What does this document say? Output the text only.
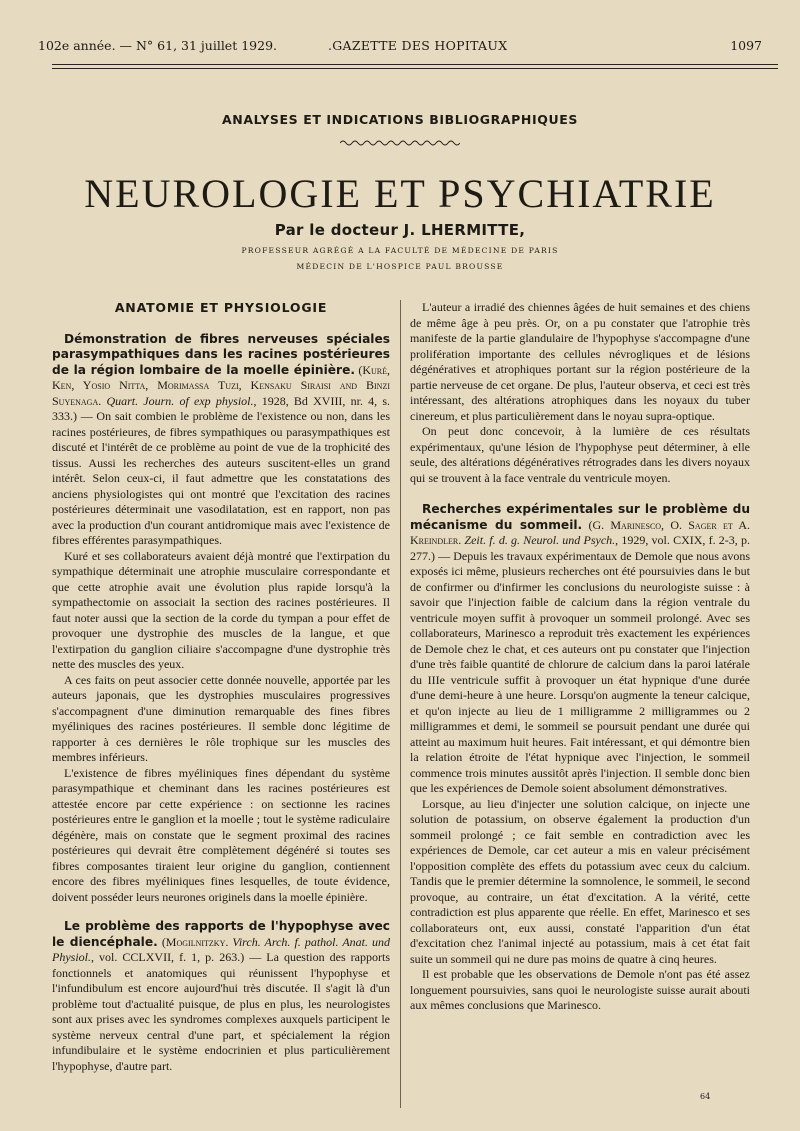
102e année. — N° 61, 31 juillet 1929.	.GAZETTE DES HOPITAUX	1097
ANALYSES ET INDICATIONS BIBLIOGRAPHIQUES
NEUROLOGIE ET PSYCHIATRIE
Par le docteur J. LHERMITTE,
PROFESSEUR AGRÉGÉ A LA FACULTÉ DE MÉDECINE DE PARIS
MÉDECIN DE L'HOSPICE PAUL BROUSSE
ANATOMIE ET PHYSIOLOGIE

Démonstration de fibres nerveuses spéciales parasympathiques dans les racines postérieures de la région lombaire de la moelle épinière. (Kuré, Ken, Yosio Nitta, Morimassa Tuzi, Kensaku Siraisi and Binzi Suyenaga. Quart. Journ. of exp physiol., 1928, Bd XVIII, nr. 4, s. 333.) — On sait combien le problème de l'existence ou non, dans les racines postérieures, de fibres sympathiques ou parasympathiques est discuté et l'intérêt de ce problème au point de vue de la trophicité des tissus. Aussi les recherches des auteurs suscitent-elles un grand intérêt. Selon ceux-ci, il faut admettre que les constatations des anciens physiologistes qui ont montré que l'excitation des racines postérieures déterminait une vasodilatation, est en rapport, non pas avec la production d'un courant antidromique mais avec l'existence de fibres efférentes parasympathiques.

Kuré et ses collaborateurs avaient déjà montré que l'extirpation du sympathique déterminait une atrophie musculaire correspondante et que cette atrophie avait une évolution plus rapide lorsqu'à la sympathectomie on associait la section des racines postérieures. Il faut noter aussi que la section de la corde du tympan a pour effet de provoquer une dystrophie des muscles de la langue, et que l'extirpation du ganglion ciliaire s'accompagne d'une dystrophie très nette des muscles des yeux.

A ces faits on peut associer cette donnée nouvelle, apportée par les auteurs japonais, que les dystrophies musculaires progressives s'accompagnent d'une diminution remarquable des fines fibres myéliniques des racines postérieures. Il semble donc légitime de rapporter à ces dernières le rôle trophique sur les muscles des membres inférieurs.

L'existence de fibres myéliniques fines dépendant du système parasympathique et cheminant dans les racines postérieures est attestée encore par cette expérience : on sectionne les racines postérieures entre le ganglion et la moelle ; tout le système radiculaire dégénère, mais on constate que le segment proximal des racines postérieures qui devrait être complètement dégénéré si toutes ses fibres composantes tiraient leur origine du ganglion, contiennent encore des fibres myéliniques fines lesquelles, de toute évidence, doivent posséder leurs neurones originels dans la moelle épinière.

Le problème des rapports de l'hypophyse avec le diencéphale. (Mogilnitzky. Virch. Arch. f. pathol. Anat. und Physiol., vol. CCLXVII, f. 1, p. 263.) — La question des rapports fonctionnels et anatomiques qui réunissent l'hypophyse et l'infundibulum est encore aujourd'hui très discutée. Il s'agit là d'un problème tout d'actualité puisque, de plus en plus, les neurologistes sont aux prises avec les syndromes complexes auxquels participent le système nerveux central d'une part, et spécialement la région infundibulaire et le système endocrinien et plus particulièrement l'hypophyse, d'autre part.

L'auteur a irradié des chiennes âgées de huit semaines et des chiens de même âge à peu près. Or, on a pu constater que l'atrophie très manifeste de la partie glandulaire de l'hypophyse s'accompagne d'une prolifération importante des cellules névrogliques et de lésions dégénératives et atrophiques portant sur la région postérieure de la partie nerveuse de cet organe. De plus, l'auteur observa, et ceci est très intéressant, des altérations atrophiques dans les noyaux du tuber cinereum, et plus particulièrement dans le noyau supra-optique.

On peut donc concevoir, à la lumière de ces résultats expérimentaux, qu'une lésion de l'hypophyse peut déterminer, à elle seule, des altérations dégénératives rétrogrades dans les divers noyaux qui se trouvent à la face ventrale du ventricule moyen.

Recherches expérimentales sur le problème du mécanisme du sommeil. (G. Marinesco, O. Sager et A. Kreindler. Zeit. f. d. g. Neurol. und Psych., 1929, vol. CXIX, f. 2-3, p. 277.) — Depuis les travaux expérimentaux de Demole que nous avons exposés ici même, plusieurs recherches ont été poursuivies dans le but de confirmer ou d'infirmer les conclusions du neurologiste suisse : à savoir que l'injection faible de calcium dans la région ventrale du ventricule moyen suffit à provoquer un sommeil prolongé. Avec ses collaborateurs, Marinesco a reproduit très exactement les expériences de Demole chez le chat, et ces auteurs ont pu constater que l'injection d'une très faible quantité de chlorure de calcium dans la paroi latérale du IIIe ventricule suffit à provoquer un état hypnique d'une durée d'une demi-heure à une heure. Lorsqu'on augmente la teneur calcique, et qu'on injecte au lieu de 1 milligramme 2 milligrammes ou 2 milligrammes et demi, le sommeil se poursuit pendant une durée qui atteint au maximum huit heures. Fait intéressant, et qui démontre bien la relation étroite de l'état hypnique avec l'injection, le sommeil commence trois minutes aussitôt après l'injection. Il semble donc bien que les expériences de Demole soient absolument démonstratives.

Lorsque, au lieu d'injecter une solution calcique, on injecte une solution de potassium, on observe également la production d'un sommeil prolongé ; ce fait semble en contradiction avec les expériences de Demole, car cet auteur a mis en valeur précisément l'opposition complète des effets du potassium avec ceux du calcium. Tandis que le premier détermine la somnolence, le sommeil, le second provoque, au contraire, un état d'excitation. A la vérité, cette contradiction est plus apparente que réelle. En effet, Marinesco et ses collaborateurs ont, eux aussi, constaté l'apparition d'un état d'excitation chez l'animal injecté au potassium, mais à cet état fait suite un sommeil qui ne dure pas moins de quatre à cinq heures.

Il est probable que les observations de Demole n'ont pas été assez longuement poursuivies, sans quoi le neurologiste suisse aurait abouti aux mêmes conclusions que Marinesco.

64
